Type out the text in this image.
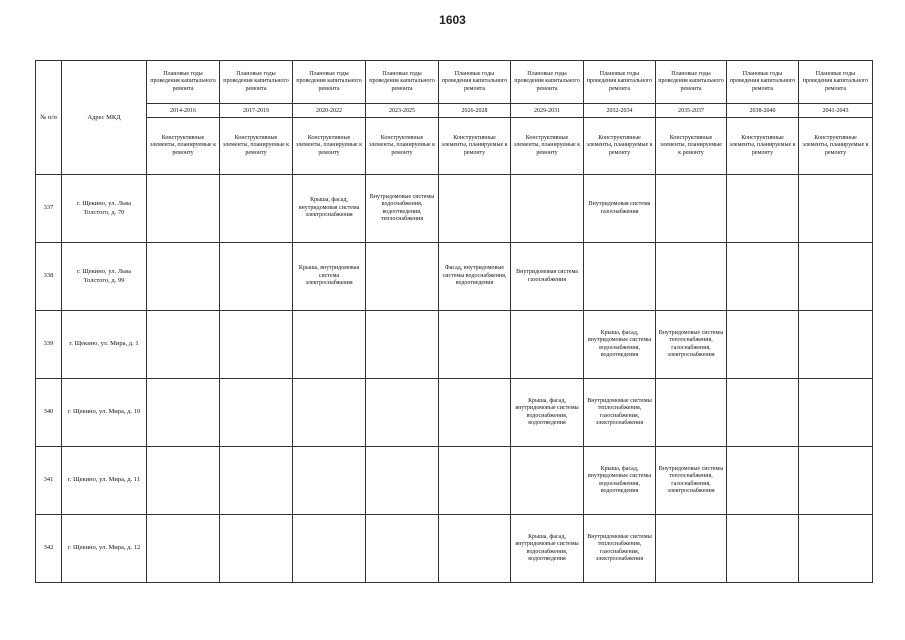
1603
№ п/п	Адрес МКД	Плановые годы проведения капитального ремонта	Плановые годы проведения капитального ремонта	Плановые годы проведения капитального ремонта	Плановые годы проведения капитального ремонта	Плановые годы проведения капитального ремонта	Плановые годы проведения капитального ремонта	Плановые годы проведения капитального ремонта	Плановые годы проведения капитального ремонта	Плановые годы проведения капитального ремонта	Плановые годы проведения капитального ремонта
		2014-2016	2017-2019	2020-2022	2023-2025	2026-2028	2029-2031	2032-2034	2035-2037	2038-2040	2041-2043
		Конструктивные элементы, планируемые к ремонту	Конструктивные элементы, планируемые к ремонту	Конструктивные элементы, планируемые к ремонту	Конструктивные элементы, планируемые к ремонту	Конструктивные элементы, планируемые к ремонту	Конструктивные элементы, планируемые к ремонту	Конструктивные элементы, планируемые к ремонту	Конструктивные элементы, планируемые к ремонту	Конструктивные элементы, планируемые к ремонту	Конструктивные элементы, планируемые к ремонту
337	г. Щекино, ул. Льва Толстого, д. 70			Крыша, фасад, внутридомовая система электроснабжения	Внутридомовые системы водоснабжения, водоотведения, теплоснабжения			Внутридомовая система газоснабжения			
338	г. Щекино, ул. Льва Толстого, д. 99			Крыша, внутридомовая система электроснабжения		Фасад, внутридомовые системы водоснабжения, водоотведения	Внутридомовая система газоснабжения				
339	г. Щекино, ул. Мира, д. 1							Крыша, фасад, внутридомовые системы водоснабжения, водоотведения	Внутридомовые системы теплоснабжения, газоснабжения, электроснабжения		
340	г. Щекино, ул. Мира, д. 10						Крыша, фасад, внутридомовые системы водоснабжения, водоотведения	Внутридомовые системы теплоснабжения, газоснабжения, электроснабжения			
341	г. Щекино, ул. Мира, д. 11							Крыша, фасад, внутридомовые системы водоснабжения, водоотведения	Внутридомовые системы теплоснабжения, газоснабжения, электроснабжения		
342	г. Щекино, ул. Мира, д. 12						Крыша, фасад, внутридомовые системы водоснабжения, водоотведения	Внутридомовые системы теплоснабжения, газоснабжения, электроснабжения			
